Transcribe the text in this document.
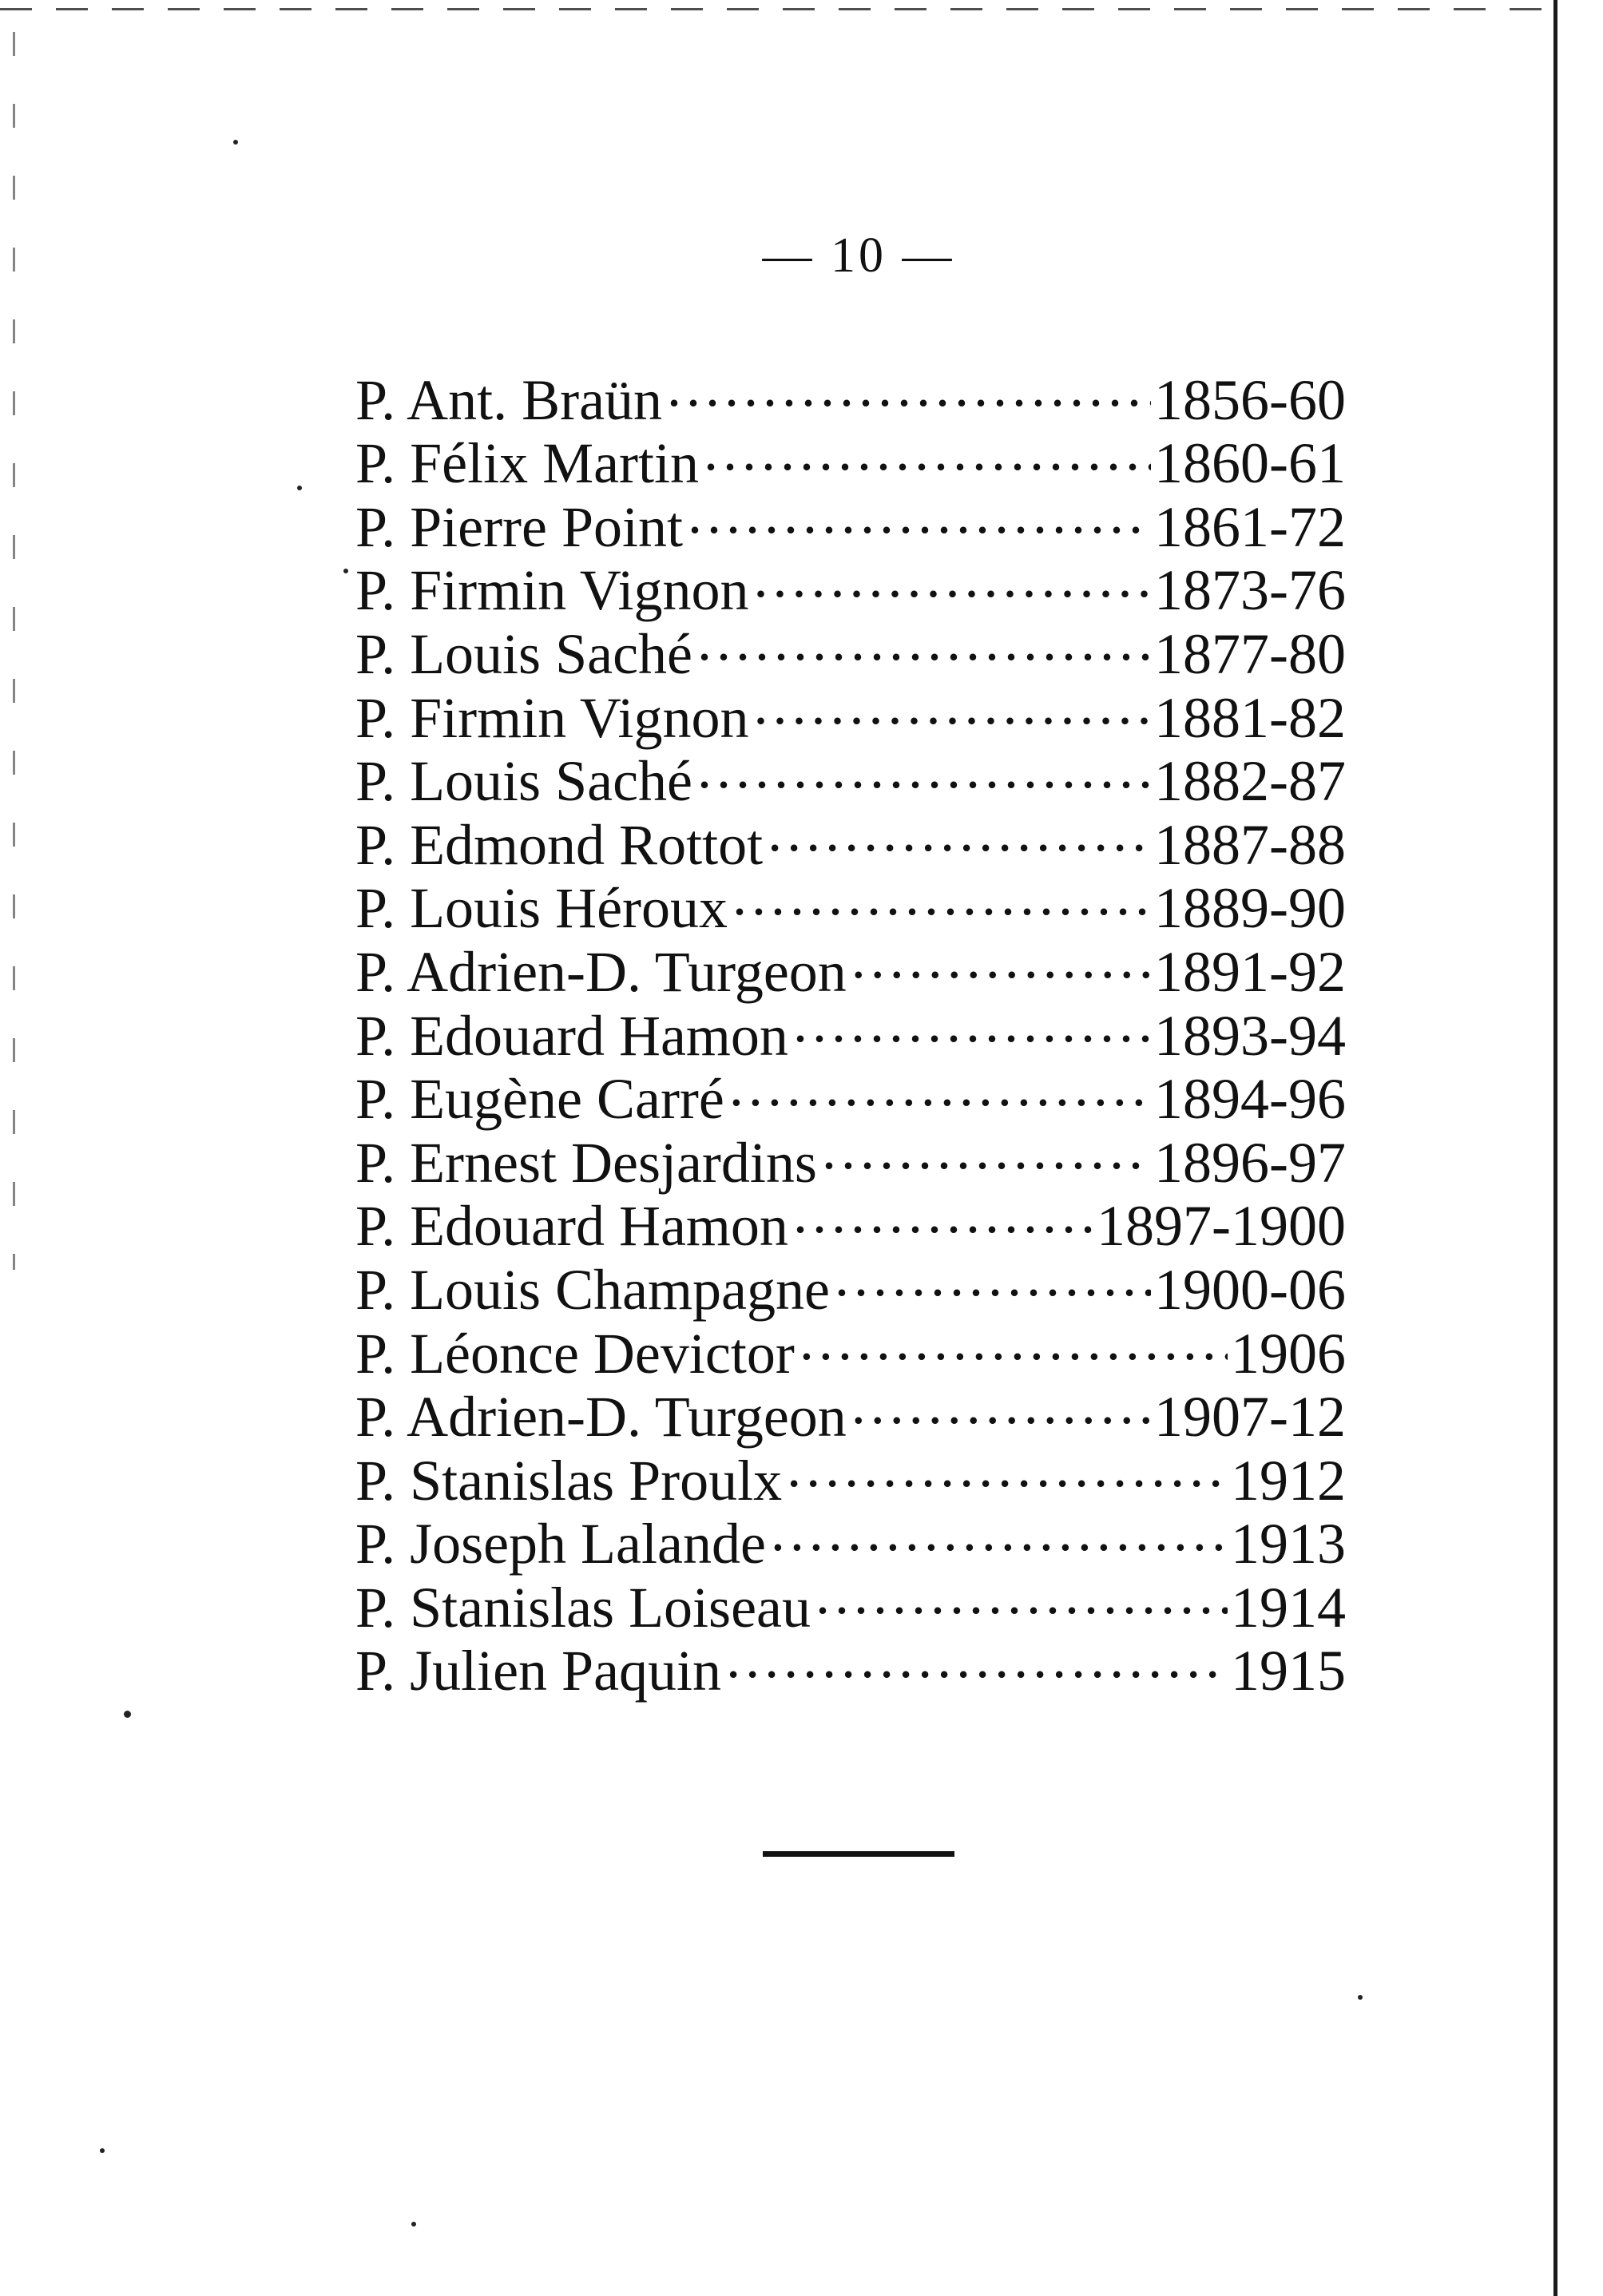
— 10 —
P. Ant. Braün . . .	1856-60
P. Félix Martin . . .	1860-61
P. Pierre Point . . .	1861-72
P. Firmin Vignon . . .	1873-76
P. Louis Saché . . .	1877-80
P. Firmin Vignon . . .	1881-82
P. Louis Saché . . .	1882-87
P. Edmond Rottot . . .	1887-88
P. Louis Héroux . . .	1889-90
P. Adrien-D. Turgeon . . .	1891-92
P. Edouard Hamon . . .	1893-94
P. Eugène Carré . . .	1894-96
P. Ernest Desjardins . . .	1896-97
P. Edouard Hamon . . .	1897-1900
P. Louis Champagne . . .	1900-06
P. Léonce Devictor . . .	1906
P. Adrien-D. Turgeon . . .	1907-12
P. Stanislas Proulx . . .	1912
P. Joseph Lalande . . .	1913
P. Stanislas Loiseau . . .	1914
P. Julien Paquin . . .	1915
